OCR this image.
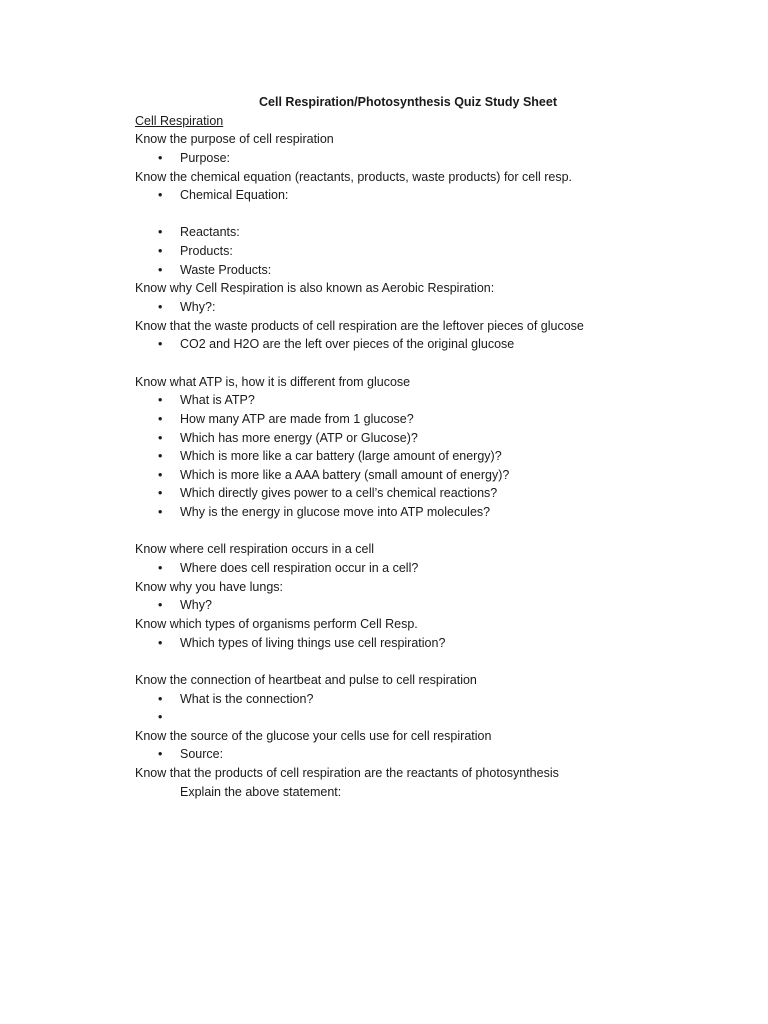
Cell Respiration/Photosynthesis Quiz Study Sheet
Cell Respiration
Know the purpose of cell respiration
• Purpose:
Know the chemical equation (reactants, products, waste products) for cell resp.
• Chemical Equation:
• Reactants:
• Products:
• Waste Products:
Know why Cell Respiration is also known as Aerobic Respiration:
• Why?:
Know that the waste products of cell respiration are the leftover pieces of glucose
• CO2 and H2O are the left over pieces of the original glucose
Know what ATP is, how it is different from glucose
• What is ATP?
• How many ATP are made from 1 glucose?
• Which has more energy (ATP or Glucose)?
• Which is more like a car battery (large amount of energy)?
• Which is more like a AAA battery (small amount of energy)?
• Which directly gives power to a cell’s chemical reactions?
• Why is the energy in glucose move into ATP molecules?
Know where cell respiration occurs in a cell
• Where does cell respiration occur in a cell?
Know why you have lungs:
• Why?
Know which types of organisms perform Cell Resp.
• Which types of living things use cell respiration?
Know the connection of heartbeat and pulse to cell respiration
• What is the connection?
•
Know the source of the glucose your cells use for cell respiration
• Source:
Know that the products of cell respiration are the reactants of photosynthesis
Explain the above statement:
